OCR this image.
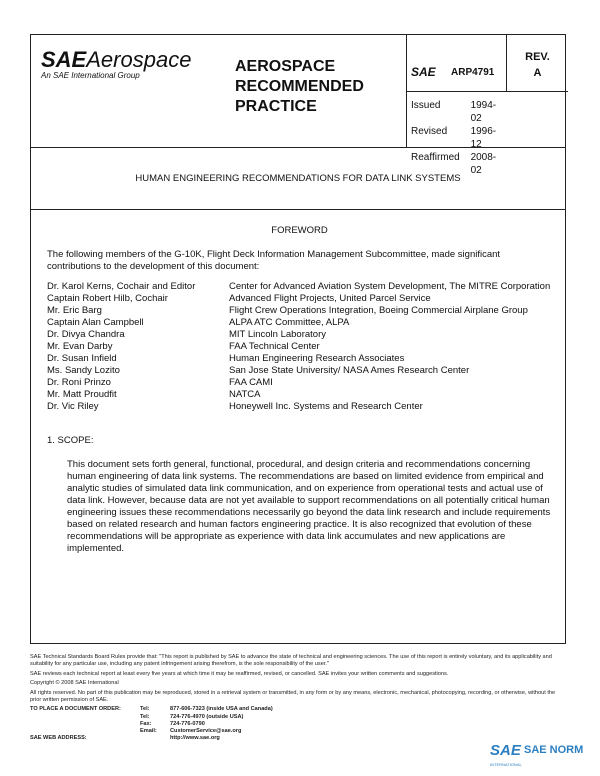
SAEAerospace
An SAE International Group
AEROSPACE
RECOMMENDED
PRACTICE
SAE ARP4791
Issued	1994-02
Revised	1996-12
Reaffirmed	2008-02
REV.
A
HUMAN ENGINEERING RECOMMENDATIONS FOR DATA LINK SYSTEMS
FOREWORD

The following members of the G-10K, Flight Deck Information Management Subcommittee, made significant contributions to the development of this document:

Dr. Karol Kerns, Cochair and Editor	Center for Advanced Aviation System Development, The MITRE Corporation
Captain Robert Hilb, Cochair	Advanced Flight Projects, United Parcel Service
Mr. Eric Barg	Flight Crew Operations Integration, Boeing Commercial Airplane Group
Captain Alan Campbell	ALPA ATC Committee, ALPA
Dr. Divya Chandra	MIT Lincoln Laboratory
Mr. Evan Darby	FAA Technical Center
Dr. Susan Infield	Human Engineering Research Associates
Ms. Sandy Lozito	San Jose State University/ NASA Ames Research Center
Dr. Roni Prinzo	FAA CAMI
Mr. Matt Proudfit	NATCA
Dr. Vic Riley	Honeywell Inc. Systems and Research Center
1. SCOPE:

This document sets forth general, functional, procedural, and design criteria and recommendations concerning human engineering of data link systems. The recommendations are based on limited evidence from empirical and analytic studies of simulated data link communication, and on experience from operational tests and actual use of data link. However, because data are not yet available to support recommendations on all potentially critical human engineering issues these recommendations necessarily go beyond the data link research and include requirements based on related research and human factors engineering practice. It is also recognized that evolution of these recommendations will be appropriate as experience with data link accumulates and new applications are implemented.

SAE Technical Standards Board Rules provide that: "This report is published by SAE to advance the state of technical and engineering sciences. The use of this report is entirely voluntary, and its applicability and suitability for any particular use, including any patent infringement arising therefrom, is the sole responsibility of the user."

SAE reviews each technical report at least every five years at which time it may be reaffirmed, revised, or cancelled. SAE invites your written comments and suggestions.

Copyright © 2008 SAE International

All rights reserved. No part of this publication may be reproduced, stored in a retrieval system or transmitted, in any form or by any means, electronic, mechanical, photocopying, recording, or otherwise, without the prior written permission of SAE.

TO PLACE A DOCUMENT ORDER:	Tel:	877-606-7323 (inside USA and Canada)
Tel:	724-776-4970 (outside USA)
Fax:	724-776-0790
Email:	CustomerService@sae.org
SAE WEB ADDRESS:	http://www.sae.org
SAE SAE NORM
INTERNATIONAL
